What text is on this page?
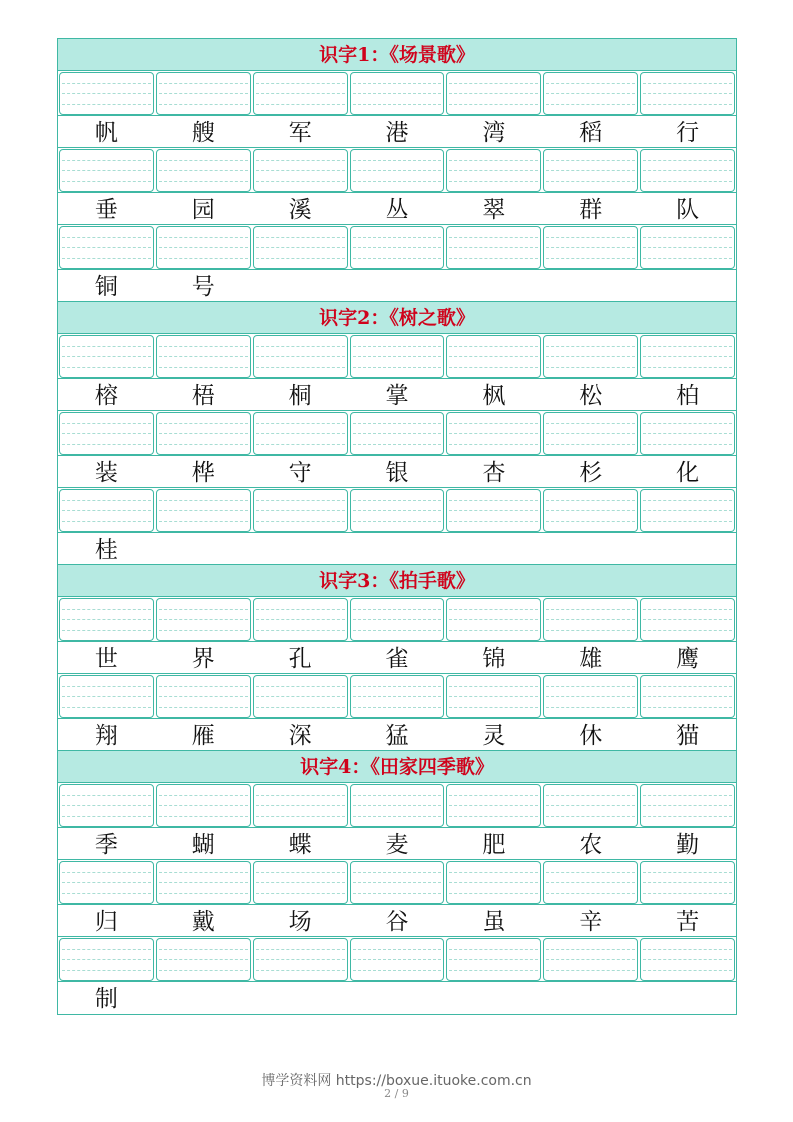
识字1：《场景歌》
帆	艘	军	港	湾	稻	行
垂	园	溪	丛	翠	群	队
铜	号
识字2：《树之歌》
榕	梧	桐	掌	枫	松	柏
装	桦	守	银	杏	杉	化
桂
识字3：《拍手歌》
世	界	孔	雀	锦	雄	鹰
翔	雁	深	猛	灵	休	猫
识字4：《田家四季歌》
季	蝴	蝶	麦	肥	农	勤
归	戴	场	谷	虽	辛	苦
制
博学资料网 https://boxue.ituoke.com.cn
2 / 9
